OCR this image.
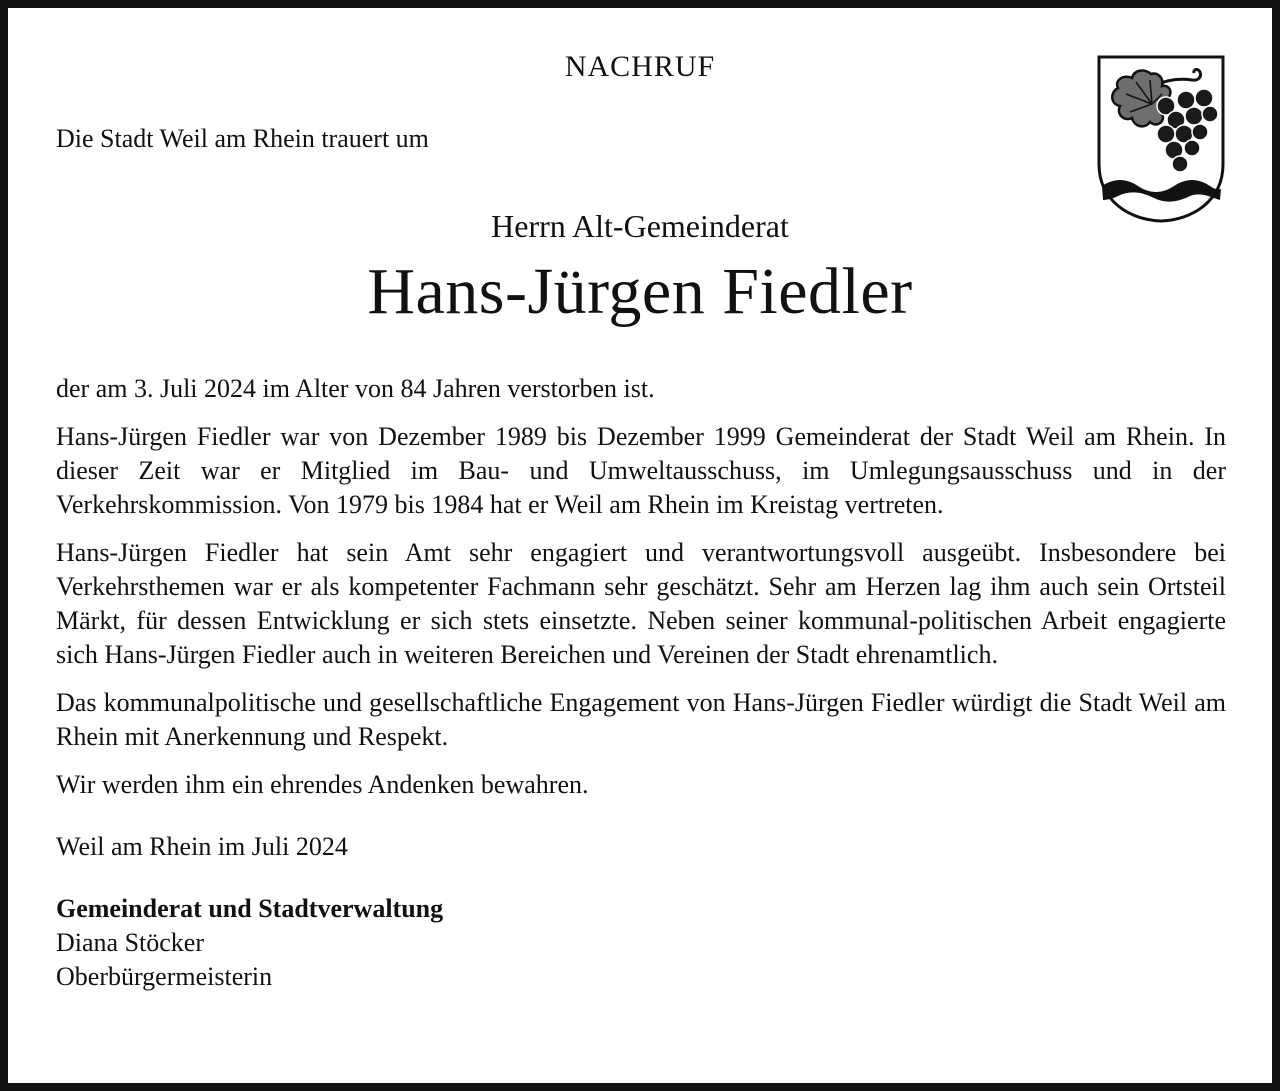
NACHRUF
Die Stadt Weil am Rhein trauert um
Herrn Alt-Gemeinderat
Hans-Jürgen Fiedler

der am 3. Juli 2024 im Alter von 84 Jahren verstorben ist.

Hans-Jürgen Fiedler war von Dezember 1989 bis Dezember 1999 Gemeinderat der Stadt Weil am Rhein. In dieser Zeit war er Mitglied im Bau- und Umweltausschuss, im Umlegungsausschuss und in der Verkehrskommission. Von 1979 bis 1984 hat er Weil am Rhein im Kreistag vertreten.

Hans-Jürgen Fiedler hat sein Amt sehr engagiert und verantwortungsvoll ausgeübt. Insbesondere bei Verkehrsthemen war er als kompetenter Fachmann sehr geschätzt. Sehr am Herzen lag ihm auch sein Ortsteil Märkt, für dessen Entwicklung er sich stets einsetzte. Neben seiner kommunal-politischen Arbeit engagierte sich Hans-Jürgen Fiedler auch in weiteren Bereichen und Vereinen der Stadt ehrenamtlich.

Das kommunalpolitische und gesellschaftliche Engagement von Hans-Jürgen Fiedler würdigt die Stadt Weil am Rhein mit Anerkennung und Respekt.

Wir werden ihm ein ehrendes Andenken bewahren.

Weil am Rhein im Juli 2024

Gemeinderat und Stadtverwaltung
Diana Stöcker
Oberbürgermeisterin
